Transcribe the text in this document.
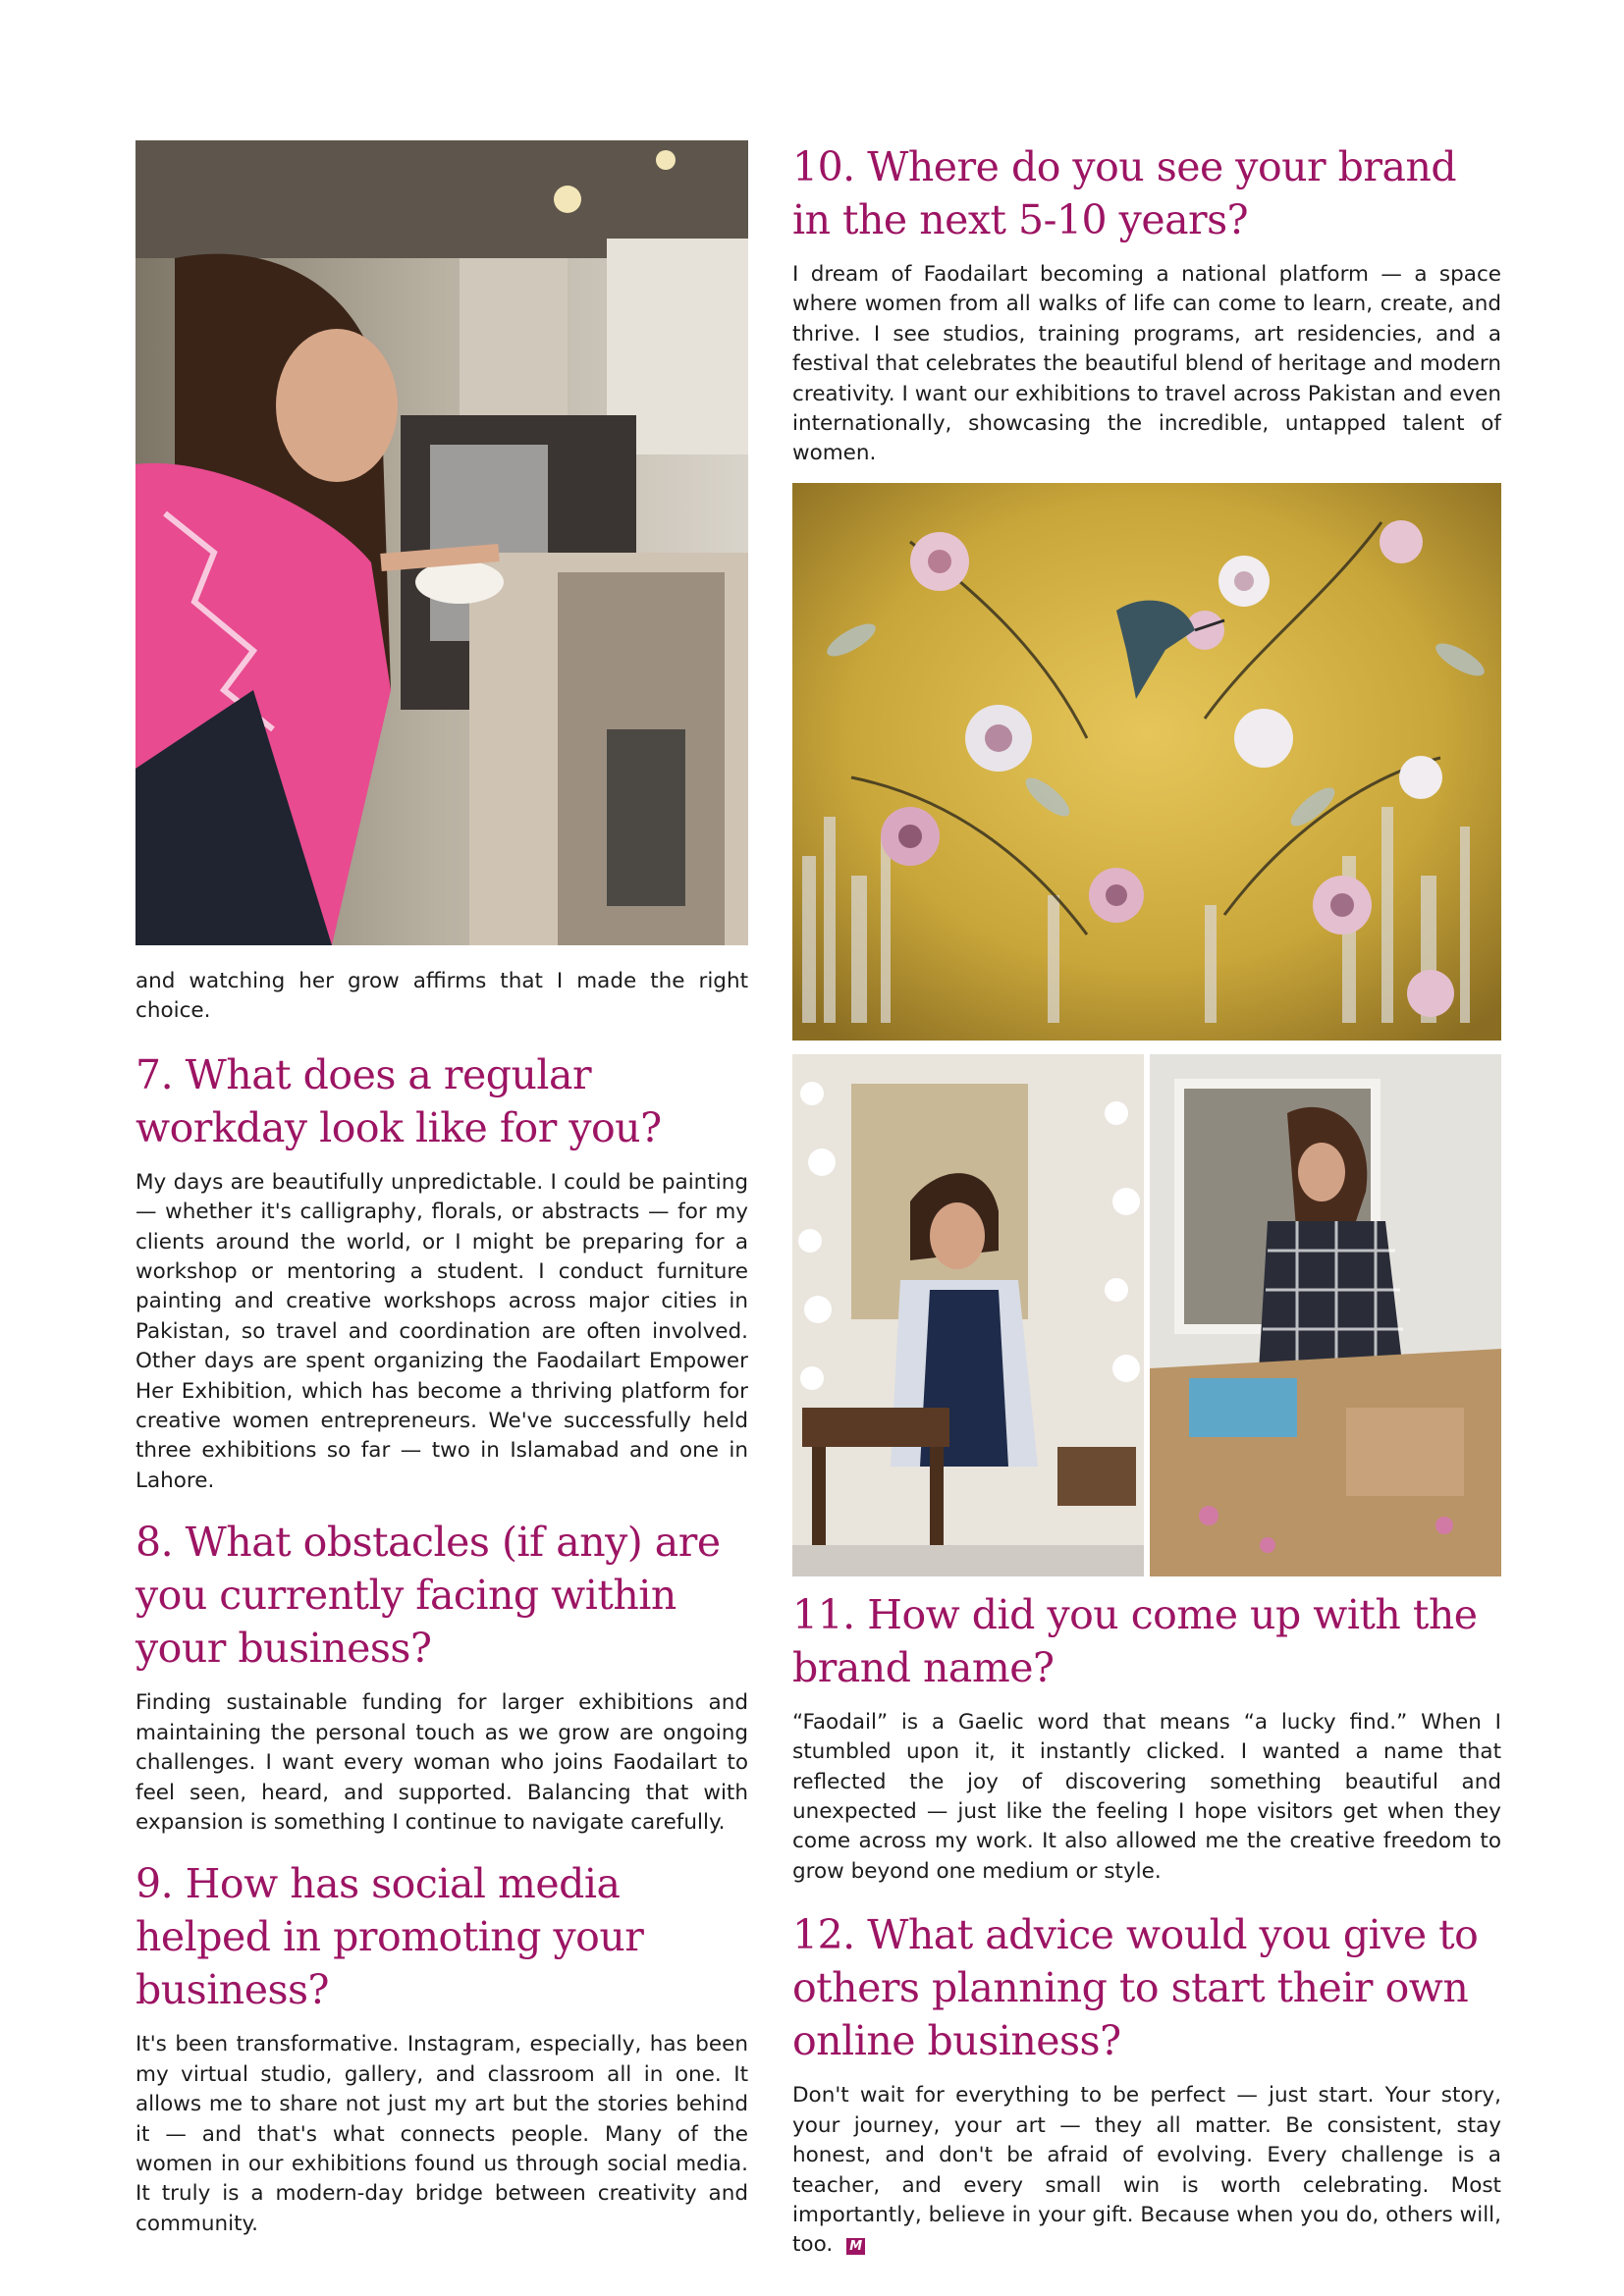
and watching her grow affirms that I made the right choice.

7. What does a regular workday look like for you?

My days are beautifully unpredictable. I could be painting — whether it's calligraphy, florals, or abstracts — for my clients around the world, or I might be preparing for a workshop or mentoring a student. I conduct furniture painting and creative workshops across major cities in Pakistan, so travel and coordination are often involved. Other days are spent organizing the Faodailart Empower Her Exhibition, which has become a thriving platform for creative women entrepreneurs. We've successfully held three exhibitions so far — two in Islamabad and one in Lahore.

8. What obstacles (if any) are you currently facing within your business?

Finding sustainable funding for larger exhibitions and maintaining the personal touch as we grow are ongoing challenges. I want every woman who joins Faodailart to feel seen, heard, and supported. Balancing that with expansion is something I continue to navigate carefully.

9. How has social media helped in promoting your business?

It's been transformative. Instagram, especially, has been my virtual studio, gallery, and classroom all in one. It allows me to share not just my art but the stories behind it — and that's what connects people. Many of the women in our exhibitions found us through social media. It truly is a modern-day bridge between creativity and community.

10. Where do you see your brand in the next 5-10 years?

I dream of Faodailart becoming a national platform — a space where women from all walks of life can come to learn, create, and thrive. I see studios, training programs, art residencies, and a festival that celebrates the beautiful blend of heritage and modern creativity. I want our exhibitions to travel across Pakistan and even internationally, showcasing the incredible, untapped talent of women.

11. How did you come up with the brand name?

“Faodail” is a Gaelic word that means “a lucky find.” When I stumbled upon it, it instantly clicked. I wanted a name that reflected the joy of discovering something beautiful and unexpected — just like the feeling I hope visitors get when they come across my work. It also allowed me the creative freedom to grow beyond one medium or style.

12. What advice would you give to others planning to start their own online business?

Don't wait for everything to be perfect — just start. Your story, your journey, your art — they all matter. Be consistent, stay honest, and don't be afraid of evolving. Every challenge is a teacher, and every small win is worth celebrating. Most importantly, believe in your gift. Because when you do, others will, too. M
